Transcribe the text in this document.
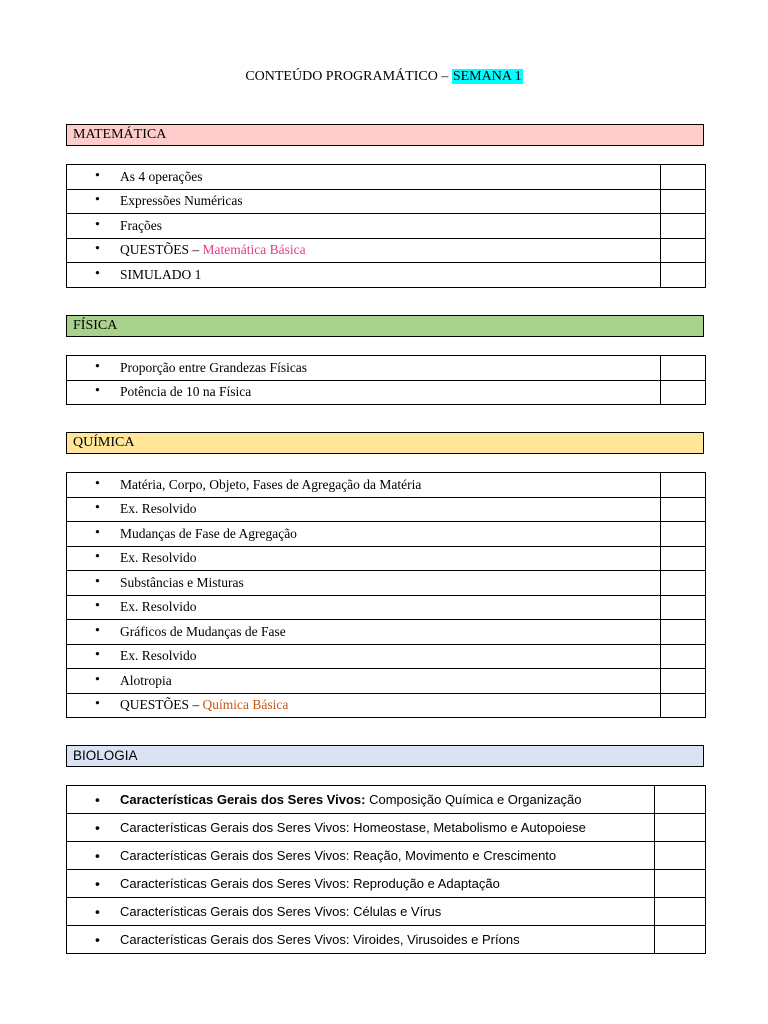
CONTEÚDO PROGRAMÁTICO – SEMANA 1
MATEMÁTICA
• As 4 operações	
• Expressões Numéricas	
• Frações	
• QUESTÕES – Matemática Básica	
• SIMULADO 1	
FÍSICA
• Proporção entre Grandezas Físicas	
• Potência de 10 na Física	
QUÍMICA
• Matéria, Corpo, Objeto, Fases de Agregação da Matéria	
• Ex. Resolvido	
• Mudanças de Fase de Agregação	
• Ex. Resolvido	
• Substâncias e Misturas	
• Ex. Resolvido	
• Gráficos de Mudanças de Fase	
• Ex. Resolvido	
• Alotropia	
• QUESTÕES – Química Básica	
BIOLOGIA
• Características Gerais dos Seres Vivos: Composição Química e Organização	
• Características Gerais dos Seres Vivos: Homeostase, Metabolismo e Autopoiese	
• Características Gerais dos Seres Vivos: Reação, Movimento e Crescimento	
• Características Gerais dos Seres Vivos: Reprodução e Adaptação	
• Características Gerais dos Seres Vivos: Células e Vírus	
• Características Gerais dos Seres Vivos: Viroides, Virusoides e Príons	
